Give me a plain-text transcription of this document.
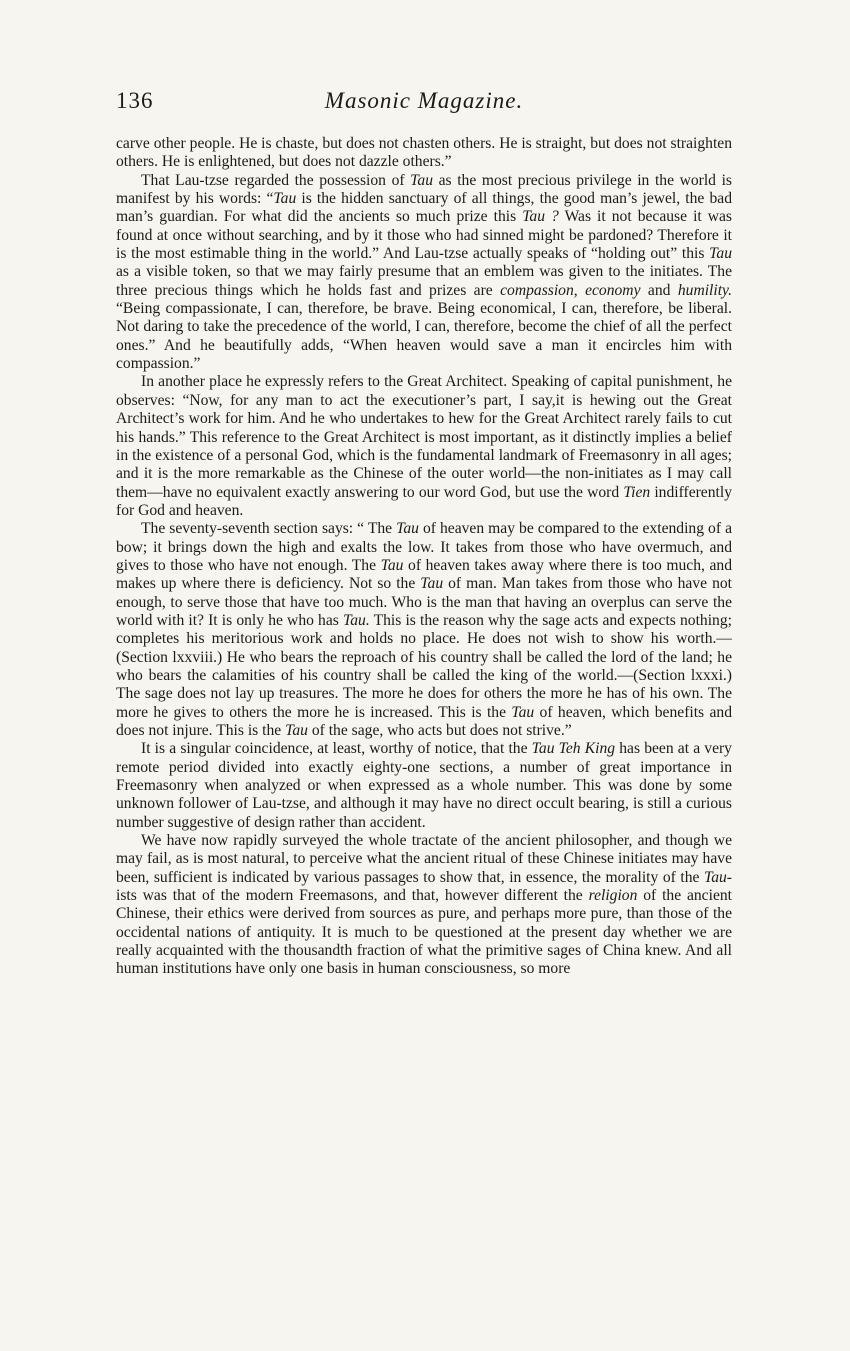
136	Masonic Magazine.

carve other people. He is chaste, but does not chasten others. He is straight, but does not straighten others. He is enlightened, but does not dazzle others.”

That Lau-tzse regarded the possession of Tau as the most precious privilege in the world is manifest by his words: “Tau is the hidden sanctuary of all things, the good man’s jewel, the bad man’s guardian. For what did the ancients so much prize this Tau ? Was it not because it was found at once without searching, and by it those who had sinned might be pardoned? Therefore it is the most estimable thing in the world.” And Lau-tzse actually speaks of “holding out” this Tau as a visible token, so that we may fairly presume that an emblem was given to the initiates. The three precious things which he holds fast and prizes are compassion, economy and humility. “Being compassionate, I can, therefore, be brave. Being economical, I can, therefore, be liberal. Not daring to take the precedence of the world, I can, therefore, become the chief of all the perfect ones.” And he beautifully adds, “When heaven would save a man it encircles him with compassion.”

In another place he expressly refers to the Great Architect. Speaking of capital punishment, he observes: “Now, for any man to act the executioner’s part, I say,it is hewing out the Great Architect’s work for him. And he who undertakes to hew for the Great Architect rarely fails to cut his hands.” This reference to the Great Architect is most important, as it distinctly implies a belief in the existence of a personal God, which is the fundamental landmark of Freemasonry in all ages; and it is the more remarkable as the Chinese of the outer world—the non-initiates as I may call them—have no equivalent exactly answering to our word God, but use the word Tien indifferently for God and heaven.

The seventy-seventh section says: “ The Tau of heaven may be compared to the extending of a bow; it brings down the high and exalts the low. It takes from those who have overmuch, and gives to those who have not enough. The Tau of heaven takes away where there is too much, and makes up where there is deficiency. Not so the Tau of man. Man takes from those who have not enough, to serve those that have too much. Who is the man that having an overplus can serve the world with it? It is only he who has Tau. This is the reason why the sage acts and expects nothing; completes his meritorious work and holds no place. He does not wish to show his worth.—(Section lxxviii.) He who bears the reproach of his country shall be called the lord of the land; he who bears the calamities of his country shall be called the king of the world.—(Section lxxxi.) The sage does not lay up treasures. The more he does for others the more he has of his own. The more he gives to others the more he is increased. This is the Tau of heaven, which benefits and does not injure. This is the Tau of the sage, who acts but does not strive.”

It is a singular coincidence, at least, worthy of notice, that the Tau Teh King has been at a very remote period divided into exactly eighty-one sections, a number of great importance in Freemasonry when analyzed or when expressed as a whole number. This was done by some unknown follower of Lau-tzse, and although it may have no direct occult bearing, is still a curious number suggestive of design rather than accident.

We have now rapidly surveyed the whole tractate of the ancient philosopher, and though we may fail, as is most natural, to perceive what the ancient ritual of these Chinese initiates may have been, sufficient is indicated by various passages to show that, in essence, the morality of the Tau-ists was that of the modern Freemasons, and that, however different the religion of the ancient Chinese, their ethics were derived from sources as pure, and perhaps more pure, than those of the occidental nations of antiquity. It is much to be questioned at the present day whether we are really acquainted with the thousandth fraction of what the primitive sages of China knew. And all human institutions have only one basis in human consciousness, so more
